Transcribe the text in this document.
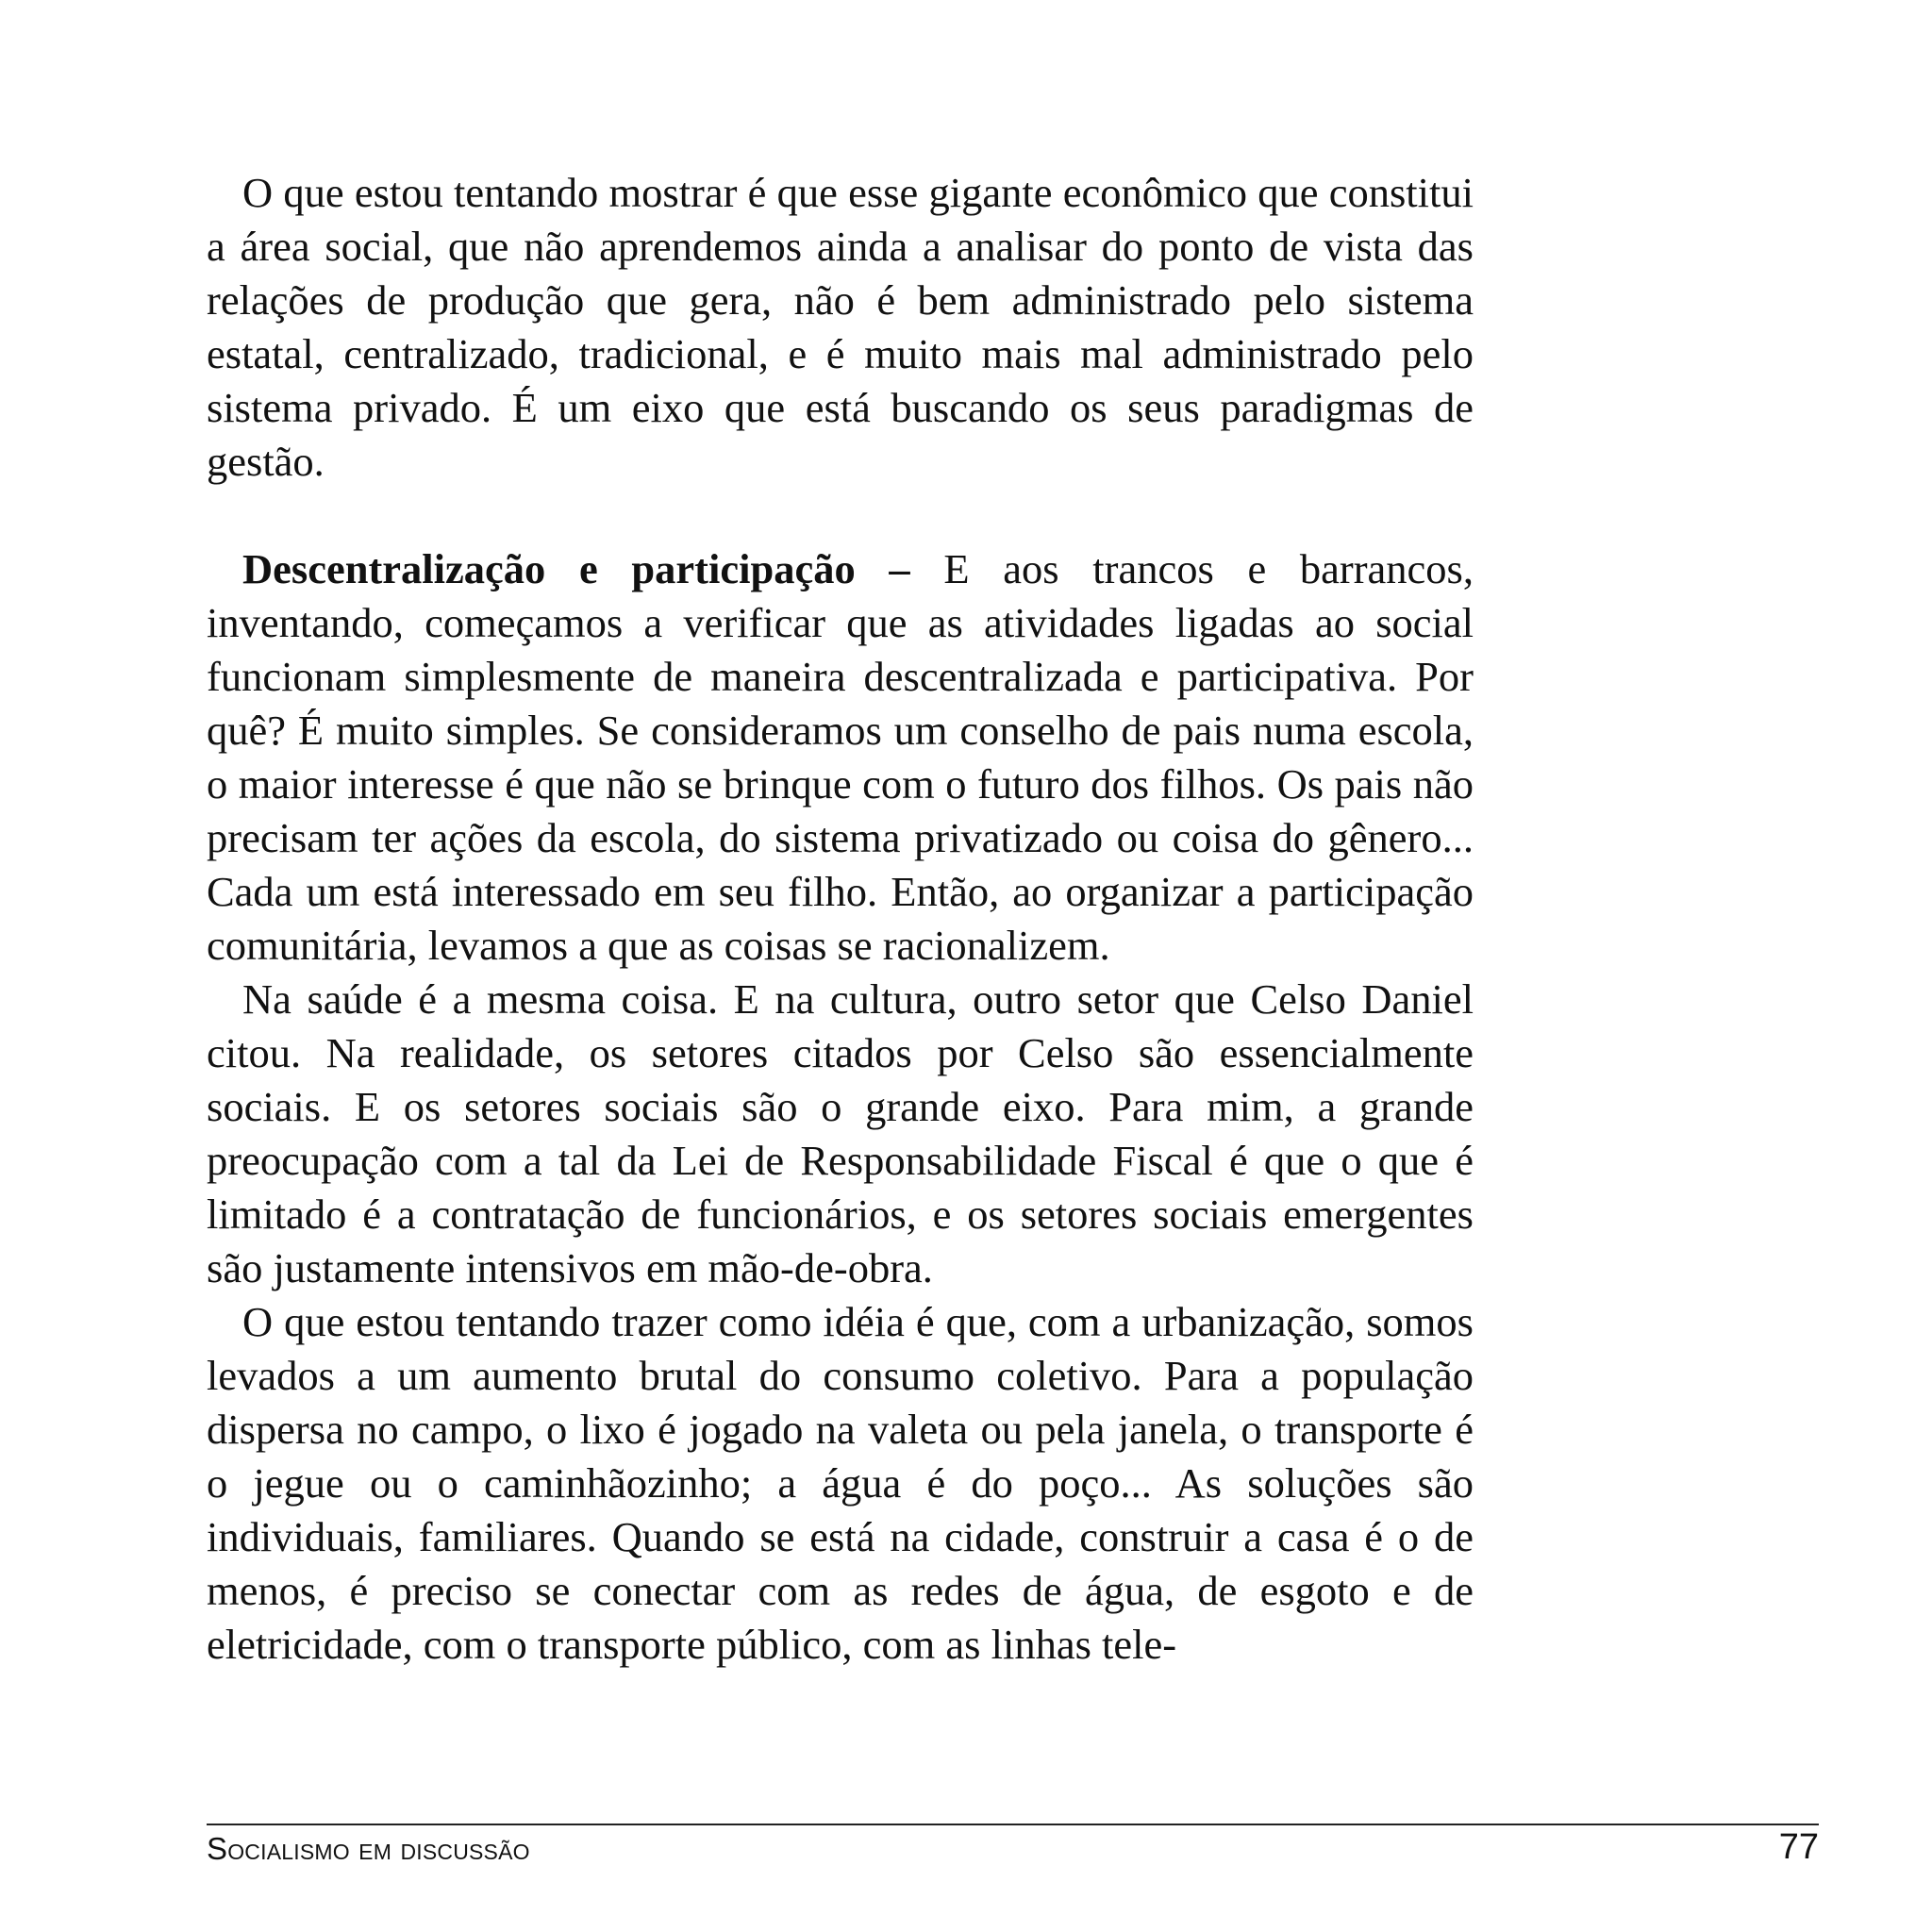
O que estou tentando mostrar é que esse gigante econômico que constitui a área social, que não aprendemos ainda a analisar do ponto de vista das relações de produção que gera, não é bem administrado pelo sistema estatal, centralizado, tradicional, e é muito mais mal administrado pelo sistema privado. É um eixo que está buscando os seus paradigmas de gestão.

Descentralização e participação – E aos trancos e barrancos, inventando, começamos a verificar que as atividades ligadas ao social funcionam simplesmente de maneira descentralizada e participativa. Por quê? É muito simples. Se consideramos um conselho de pais numa escola, o maior interesse é que não se brinque com o futuro dos filhos. Os pais não precisam ter ações da escola, do sistema privatizado ou coisa do gênero... Cada um está interessado em seu filho. Então, ao organizar a participação comunitária, levamos a que as coisas se racionalizem.

Na saúde é a mesma coisa. E na cultura, outro setor que Celso Daniel citou. Na realidade, os setores citados por Celso são essencialmente sociais. E os setores sociais são o grande eixo. Para mim, a grande preocupação com a tal da Lei de Responsabilidade Fiscal é que o que é limitado é a contratação de funcionários, e os setores sociais emergentes são justamente intensivos em mão-de-obra.

O que estou tentando trazer como idéia é que, com a urbanização, somos levados a um aumento brutal do consumo coletivo. Para a população dispersa no campo, o lixo é jogado na valeta ou pela janela, o transporte é o jegue ou o caminhãozinho; a água é do poço... As soluções são individuais, familiares. Quando se está na cidade, construir a casa é o de menos, é preciso se conectar com as redes de água, de esgoto e de eletricidade, com o transporte público, com as linhas tele-

Socialismo em discussão	77
